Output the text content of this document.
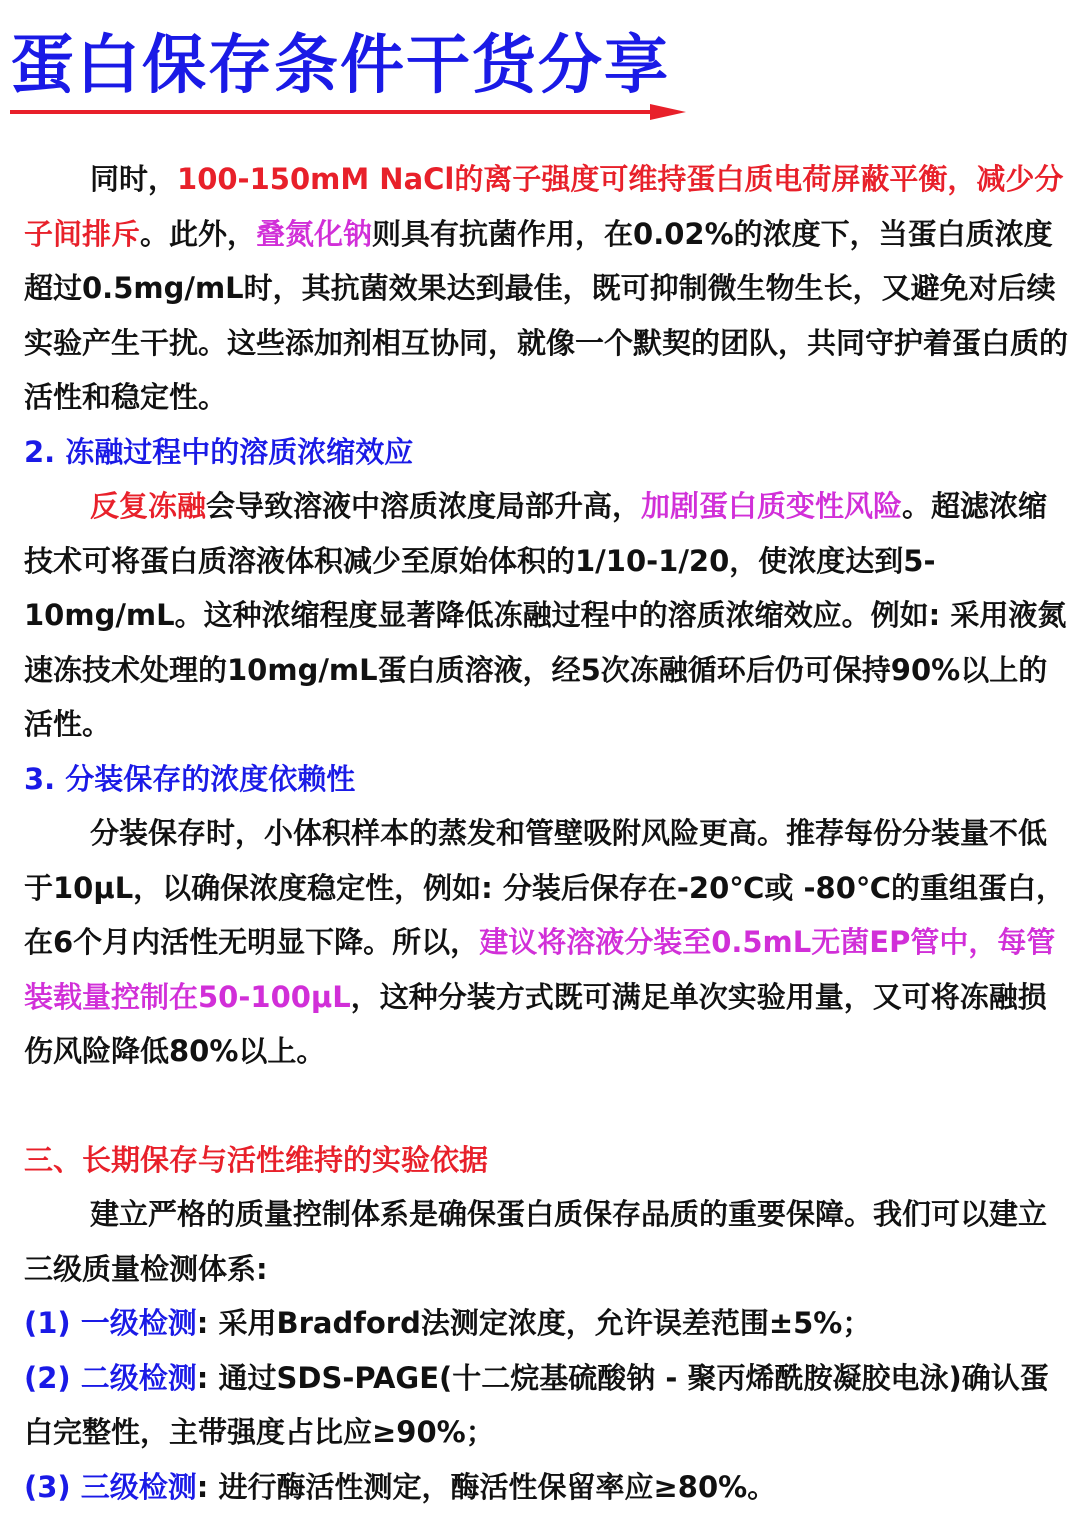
蛋白保存条件干货分享

同时，100-150mM NaCl的离子强度可维持蛋白质电荷屏蔽平衡，减少分子间排斥。此外，叠氮化钠则具有抗菌作用，在0.02%的浓度下，当蛋白质浓度超过0.5mg/mL时，其抗菌效果达到最佳，既可抑制微生物生长，又避免对后续实验产生干扰。这些添加剂相互协同，就像一个默契的团队，共同守护着蛋白质的活性和稳定性。

2. 冻融过程中的溶质浓缩效应

反复冻融会导致溶液中溶质浓度局部升高，加剧蛋白质变性风险。超滤浓缩技术可将蛋白质溶液体积减少至原始体积的1/10-1/20，使浓度达到5-10mg/mL。这种浓缩程度显著降低冻融过程中的溶质浓缩效应。例如: 采用液氮速冻技术处理的10mg/mL蛋白质溶液，经5次冻融循环后仍可保持90%以上的活性。

3. 分装保存的浓度依赖性

分装保存时，小体积样本的蒸发和管壁吸附风险更高。推荐每份分装量不低于10μL，以确保浓度稳定性，例如: 分装后保存在-20℃或 -80℃的重组蛋白，在6个月内活性无明显下降。所以，建议将溶液分装至0.5mL无菌EP管中，每管装载量控制在50-100μL，这种分装方式既可满足单次实验用量，又可将冻融损伤风险降低80%以上。

三、长期保存与活性维持的实验依据

建立严格的质量控制体系是确保蛋白质保存品质的重要保障。我们可以建立三级质量检测体系:

(1) 一级检测: 采用Bradford法测定浓度，允许误差范围±5%；

(2) 二级检测: 通过SDS-PAGE(十二烷基硫酸钠 - 聚丙烯酰胺凝胶电泳)确认蛋白完整性，主带强度占比应≥90%；

(3) 三级检测: 进行酶活性测定，酶活性保留率应≥80%。
